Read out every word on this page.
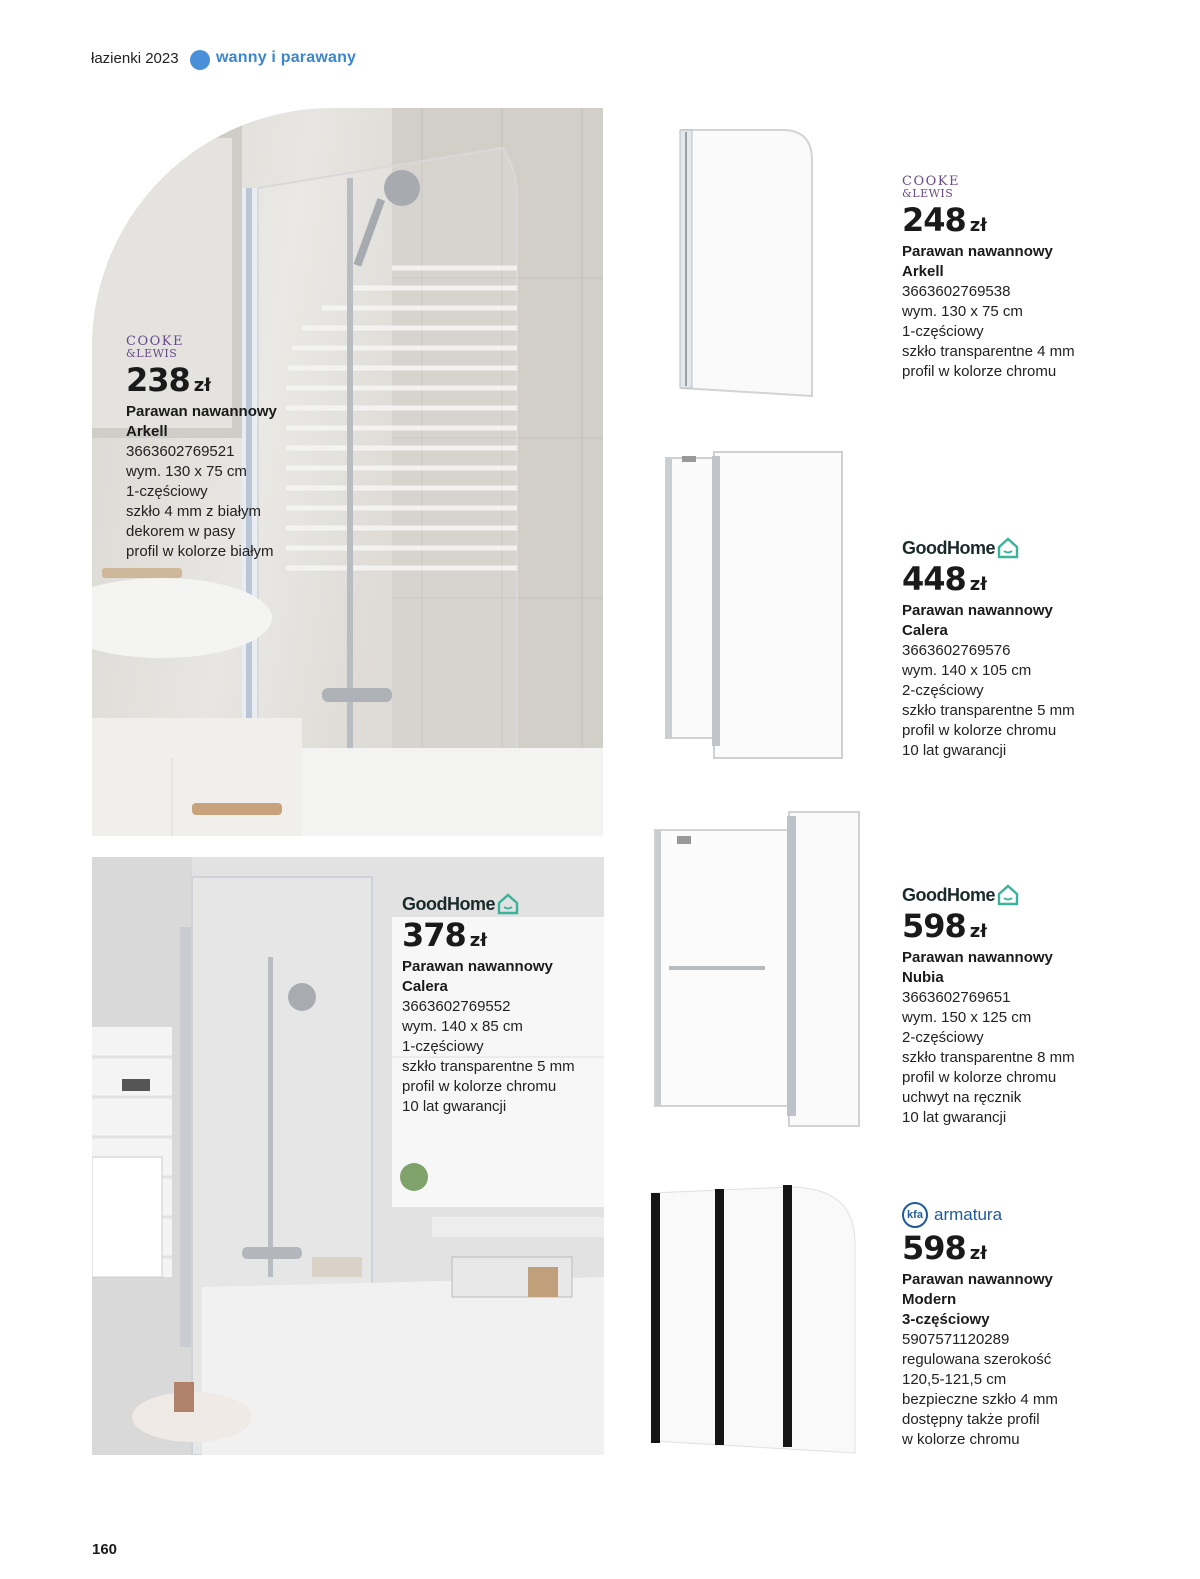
łazienki 2023 wanny i parawany
COOKE
&LEWIS
238 zł
Parawan nawannowy
Arkell
3663602769521
wym. 130 x 75 cm
1-częściowy
szkło 4 mm z białym
dekorem w pasy
profil w kolorze białym
GoodHome
378 zł
Parawan nawannowy
Calera
3663602769552
wym. 140 x 85 cm
1-częściowy
szkło transparentne 5 mm
profil w kolorze chromu
10 lat gwarancji
COOKE
&LEWIS
248 zł
Parawan nawannowy
Arkell
3663602769538
wym. 130 x 75 cm
1-częściowy
szkło transparentne 4 mm
profil w kolorze chromu
GoodHome
448 zł
Parawan nawannowy
Calera
3663602769576
wym. 140 x 105 cm
2-częściowy
szkło transparentne 5 mm
profil w kolorze chromu
10 lat gwarancji
GoodHome
598 zł
Parawan nawannowy
Nubia
3663602769651
wym. 150 x 125 cm
2-częściowy
szkło transparentne 8 mm
profil w kolorze chromu
uchwyt na ręcznik
10 lat gwarancji
kfa armatura
598 zł
Parawan nawannowy
Modern
3-częściowy
5907571120289
regulowana szerokość
120,5-121,5 cm
bezpieczne szkło 4 mm
dostępny także profil
w kolorze chromu
160
